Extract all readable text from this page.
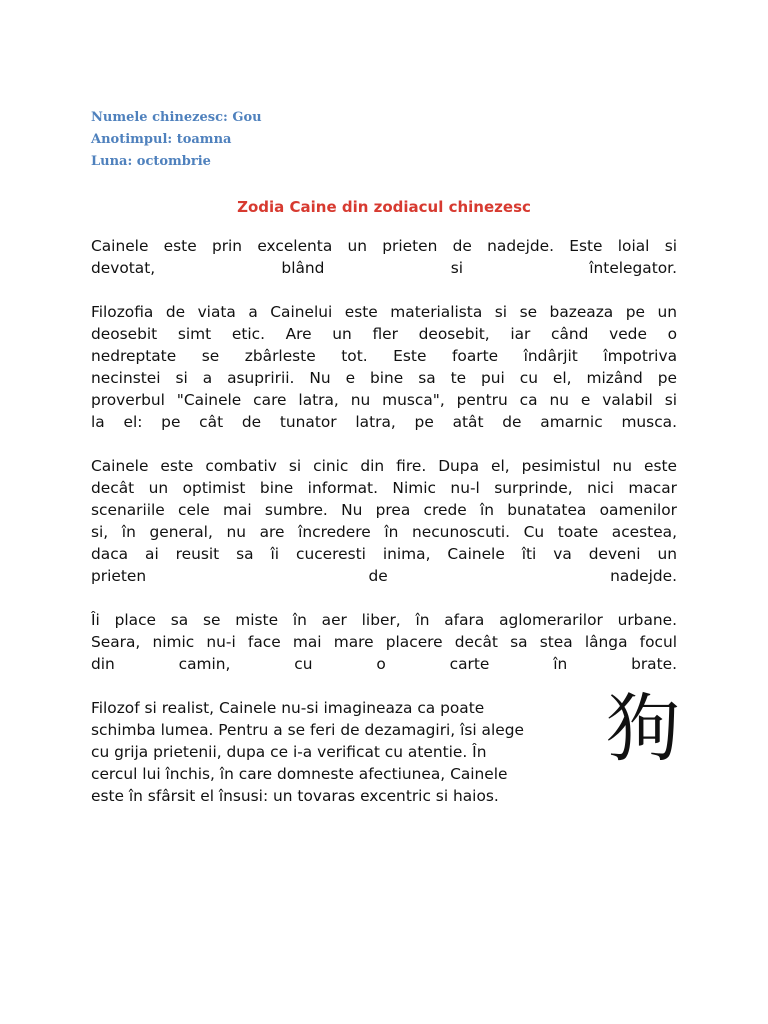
Numele chinezesc: Gou

Anotimpul: toamna

Luna: octombrie

Zodia Caine din zodiacul chinezesc
Cainele este prin excelenta un prieten de nadejde. Este loial si
devotat, blând si întelegator.
Filozofia de viata a Cainelui este materialista si se bazeaza pe un
deosebit simt etic. Are un fler deosebit, iar când vede o
nedreptate se zbârleste tot. Este foarte îndârjit împotriva
necinstei si a asupririi. Nu e bine sa te pui cu el, mizând pe
proverbul "Cainele care latra, nu musca", pentru ca nu e valabil si
la el: pe cât de tunator latra, pe atât de amarnic musca.
Cainele este combativ si cinic din fire. Dupa el, pesimistul nu este
decât un optimist bine informat. Nimic nu-l surprinde, nici macar
scenariile cele mai sumbre. Nu prea crede în bunatatea oamenilor
si, în general, nu are încredere în necunoscuti. Cu toate acestea,
daca ai reusit sa îi cuceresti inima, Cainele îti va deveni un
prieten de nadejde.
Îi place sa se miste în aer liber, în afara aglomerarilor urbane.
Seara, nimic nu-i face mai mare placere decât sa stea lânga focul
din camin, cu o carte în brate.
Filozof si realist, Cainele nu-si imagineaza ca poate
schimba lumea. Pentru a se feri de dezamagiri, îsi alege
cu grija prietenii, dupa ce i-a verificat cu atentie. În
cercul lui închis, în care domneste afectiunea, Cainele
este în sfârsit el însusi: un tovaras excentric si haios.
狗
